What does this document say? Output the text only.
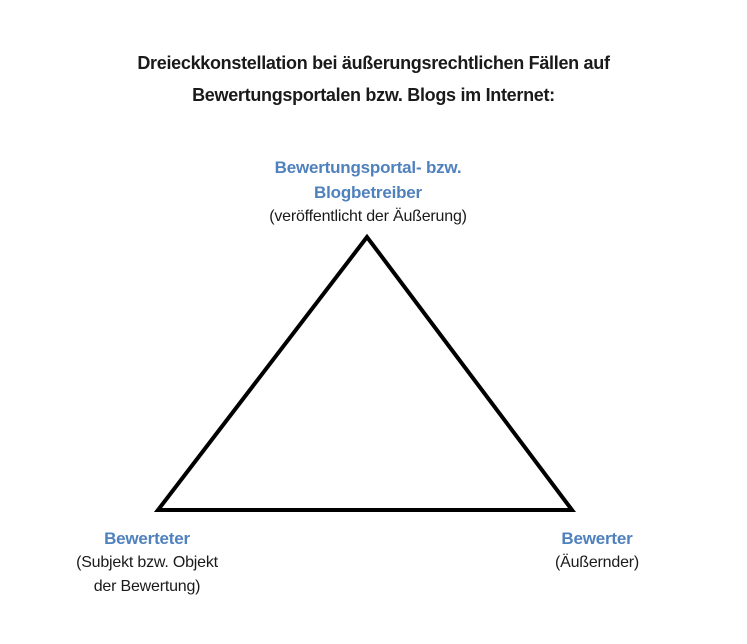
Dreieckkonstellation bei äußerungsrechtlichen Fällen auf
Bewertungsportalen bzw. Blogs im Internet:
Bewertungsportal- bzw.
Blogbetreiber
(veröffentlicht der Äußerung)
Bewerteter
(Subjekt bzw. Objekt
der Bewertung)
Bewerter
(Äußernder)
